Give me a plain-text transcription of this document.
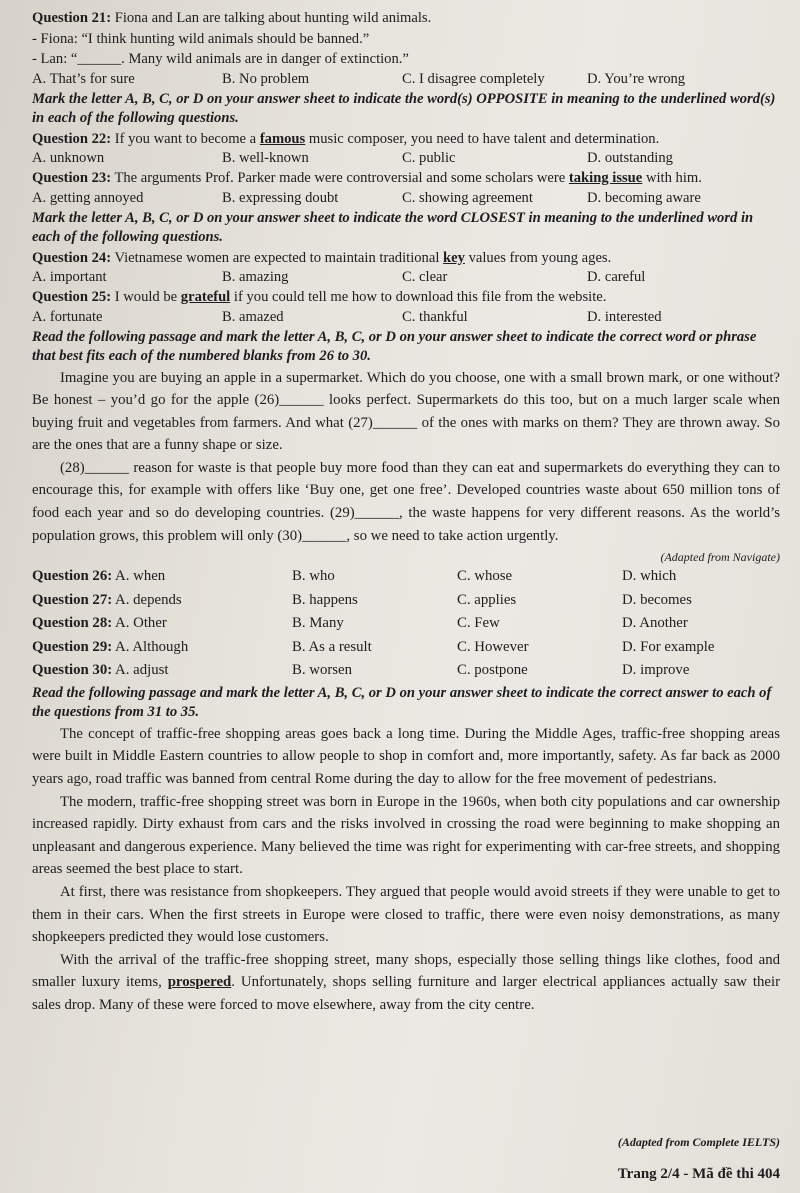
Question 21: Fiona and Lan are talking about hunting wild animals.
- Fiona: “I think hunting wild animals should be banned.”
- Lan: “______. Many wild animals are in danger of extinction.”
A. That’s for sure	B. No problem	C. I disagree completely	D. You’re wrong
Mark the letter A, B, C, or D on your answer sheet to indicate the word(s) OPPOSITE in meaning to the underlined word(s) in each of the following questions.
Question 22: If you want to become a famous music composer, you need to have talent and determination.
A. unknown	B. well-known	C. public	D. outstanding
Question 23: The arguments Prof. Parker made were controversial and some scholars were taking issue with him.
A. getting annoyed	B. expressing doubt	C. showing agreement	D. becoming aware
Mark the letter A, B, C, or D on your answer sheet to indicate the word CLOSEST in meaning to the underlined word in each of the following questions.
Question 24: Vietnamese women are expected to maintain traditional key values from young ages.
A. important	B. amazing	C. clear	D. careful
Question 25: I would be grateful if you could tell me how to download this file from the website.
A. fortunate	B. amazed	C. thankful	D. interested
Read the following passage and mark the letter A, B, C, or D on your answer sheet to indicate the correct word or phrase that best fits each of the numbered blanks from 26 to 30.

Imagine you are buying an apple in a supermarket. Which do you choose, one with a small brown mark, or one without? Be honest – you’d go for the apple (26)______ looks perfect. Supermarkets do this too, but on a much larger scale when buying fruit and vegetables from farmers. And what (27)______ of the ones with marks on them? They are thrown away. So are the ones that are a funny shape or size.

(28)______ reason for waste is that people buy more food than they can eat and supermarkets do everything they can to encourage this, for example with offers like ‘Buy one, get one free’. Developed countries waste about 650 million tons of food each year and so do developing countries. (29)______, the waste happens for very different reasons. As the world’s population grows, this problem will only (30)______, so we need to take action urgently.

(Adapted from Navigate)
Question 26: A. when	B. who	C. whose	D. which
Question 27: A. depends	B. happens	C. applies	D. becomes
Question 28: A. Other	B. Many	C. Few	D. Another
Question 29: A. Although	B. As a result	C. However	D. For example
Question 30: A. adjust	B. worsen	C. postpone	D. improve
Read the following passage and mark the letter A, B, C, or D on your answer sheet to indicate the correct answer to each of the questions from 31 to 35.

The concept of traffic-free shopping areas goes back a long time. During the Middle Ages, traffic-free shopping areas were built in Middle Eastern countries to allow people to shop in comfort and, more importantly, safety. As far back as 2000 years ago, road traffic was banned from central Rome during the day to allow for the free movement of pedestrians.

The modern, traffic-free shopping street was born in Europe in the 1960s, when both city populations and car ownership increased rapidly. Dirty exhaust from cars and the risks involved in crossing the road were beginning to make shopping an unpleasant and dangerous experience. Many believed the time was right for experimenting with car-free streets, and shopping areas seemed the best place to start.

At first, there was resistance from shopkeepers. They argued that people would avoid streets if they were unable to get to them in their cars. When the first streets in Europe were closed to traffic, there were even noisy demonstrations, as many shopkeepers predicted they would lose customers.

With the arrival of the traffic-free shopping street, many shops, especially those selling things like clothes, food and smaller luxury items, prospered. Unfortunately, shops selling furniture and larger electrical appliances actually saw their sales drop. Many of these were forced to move elsewhere, away from the city centre.

(Adapted from Complete IELTS)
Trang 2/4 - Mã đề thi 404
